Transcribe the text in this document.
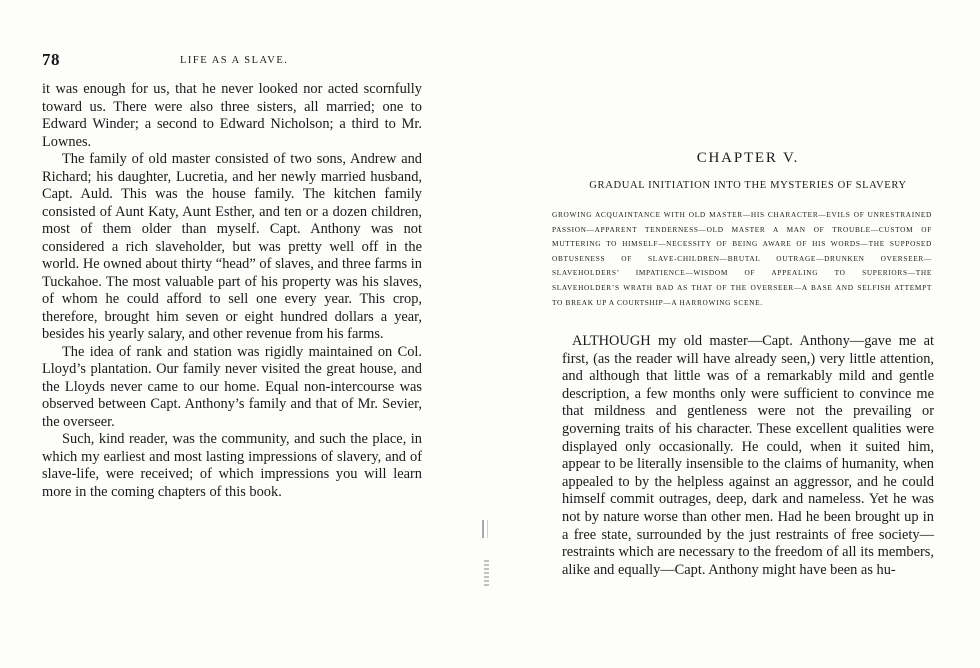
78	LIFE AS A SLAVE.

it was enough for us, that he never looked nor acted scornfully toward us. There were also three sisters, all married; one to Edward Winder; a second to Edward Nicholson; a third to Mr. Lownes.

The family of old master consisted of two sons, Andrew and Richard; his daughter, Lucretia, and her newly married husband, Capt. Auld. This was the house family. The kitchen family consisted of Aunt Katy, Aunt Esther, and ten or a dozen children, most of them older than myself. Capt. Anthony was not considered a rich slaveholder, but was pretty well off in the world. He owned about thirty “head” of slaves, and three farms in Tuckahoe. The most valuable part of his property was his slaves, of whom he could afford to sell one every year. This crop, therefore, brought him seven or eight hundred dollars a year, besides his yearly salary, and other revenue from his farms.

The idea of rank and station was rigidly maintained on Col. Lloyd’s plantation. Our family never visited the great house, and the Lloyds never came to our home. Equal non-intercourse was observed between Capt. Anthony’s family and that of Mr. Sevier, the overseer.

Such, kind reader, was the community, and such the place, in which my earliest and most lasting impressions of slavery, and of slave-life, were received; of which impressions you will learn more in the coming chapters of this book.

CHAPTER V.
GRADUAL INITIATION INTO THE MYSTERIES OF SLAVERY
GROWING ACQUAINTANCE WITH OLD MASTER—HIS CHARACTER—EVILS OF UNRESTRAINED PASSION—APPARENT TENDERNESS—OLD MASTER A MAN OF TROUBLE—CUSTOM OF MUTTERING TO HIMSELF—NECESSITY OF BEING AWARE OF HIS WORDS—THE SUPPOSED OBTUSENESS OF SLAVE-CHILDREN—BRUTAL OUTRAGE—DRUNKEN OVERSEER—SLAVEHOLDERS’ IMPATIENCE—WISDOM OF APPEALING TO SUPERIORS—THE SLAVEHOLDER’S WRATH BAD AS THAT OF THE OVERSEER—A BASE AND SELFISH ATTEMPT TO BREAK UP A COURTSHIP—A HARROWING SCENE.

ALTHOUGH my old master—Capt. Anthony—gave me at first, (as the reader will have already seen,) very little attention, and although that little was of a remarkably mild and gentle description, a few months only were sufficient to convince me that mildness and gentleness were not the prevailing or governing traits of his character. These excellent qualities were displayed only occasionally. He could, when it suited him, appear to be literally insensible to the claims of humanity, when appealed to by the helpless against an aggressor, and he could himself commit outrages, deep, dark and nameless. Yet he was not by nature worse than other men. Had he been brought up in a free state, surrounded by the just restraints of free society—restraints which are necessary to the freedom of all its members, alike and equally—Capt. Anthony might have been as hu-
